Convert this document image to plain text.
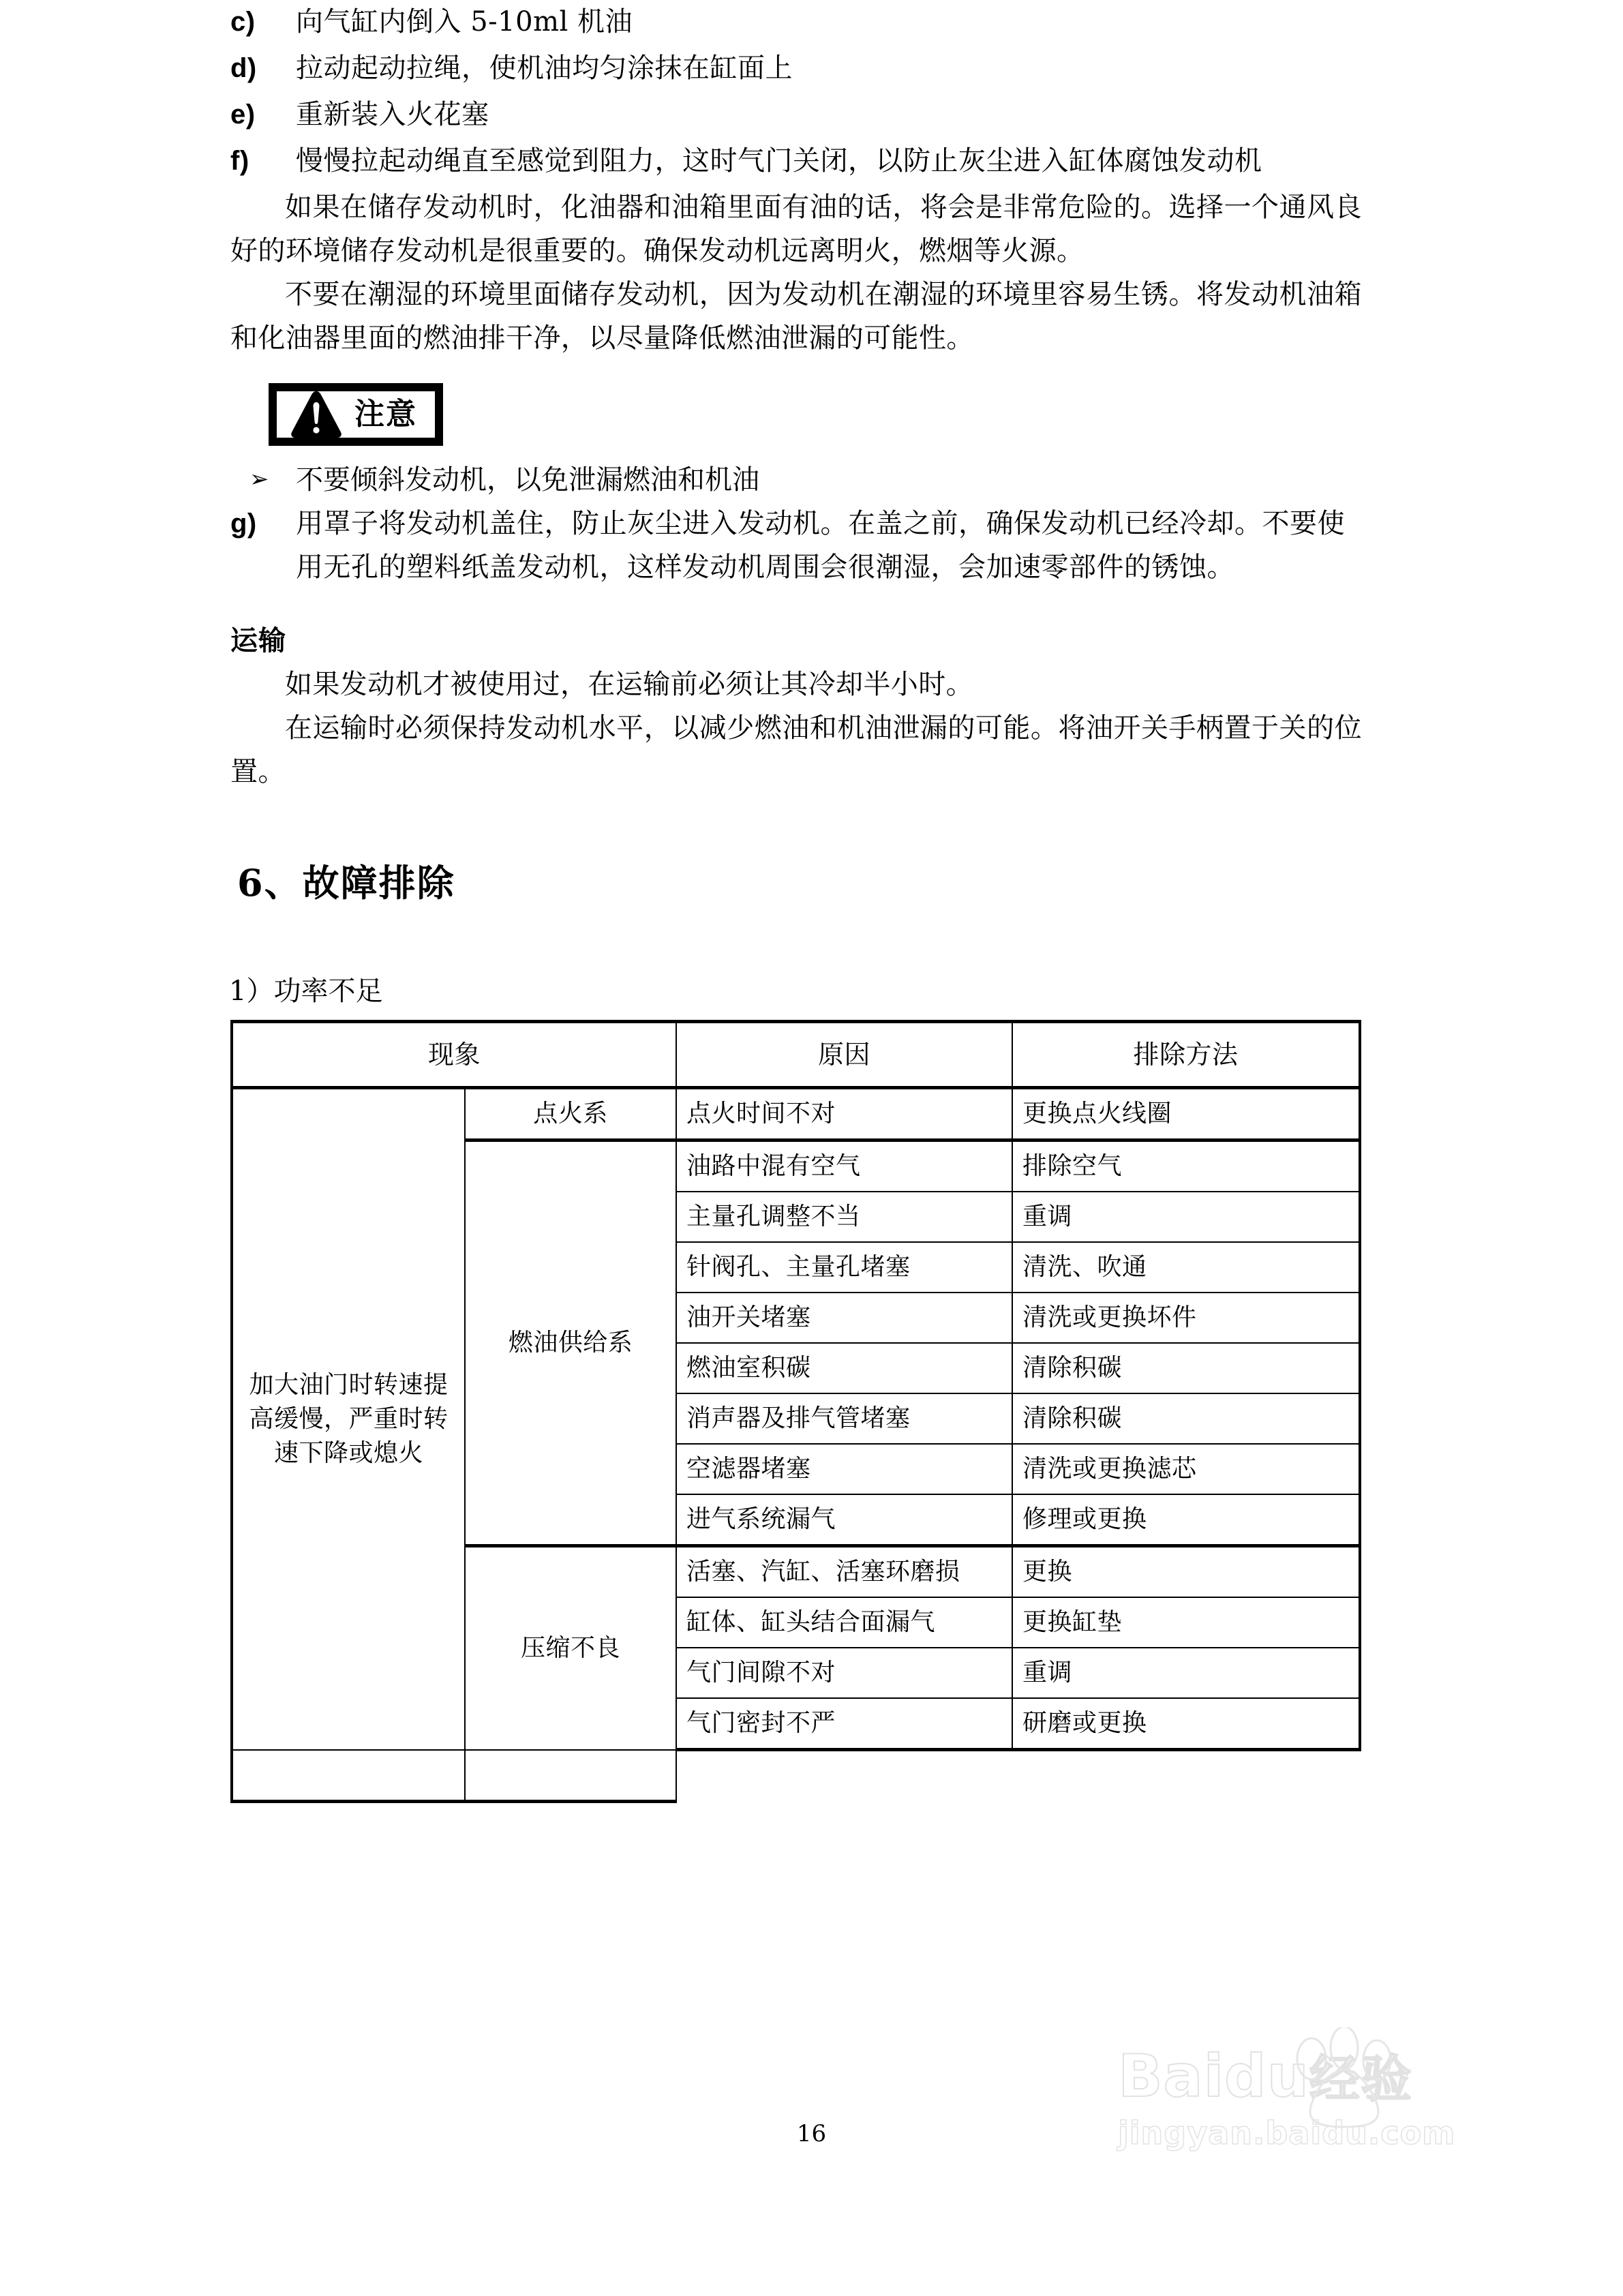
c) 向气缸内倒入 5-10ml 机油
d) 拉动起动拉绳，使机油均匀涂抹在缸面上
e) 重新装入火花塞
f) 慢慢拉起动绳直至感觉到阻力，这时气门关闭，以防止灰尘进入缸体腐蚀发动机

如果在储存发动机时，化油器和油箱里面有油的话，将会是非常危险的。选择一个通风良好的环境储存发动机是很重要的。确保发动机远离明火，燃烟等火源。

不要在潮湿的环境里面储存发动机，因为发动机在潮湿的环境里容易生锈。将发动机油箱和化油器里面的燃油排干净，以尽量降低燃油泄漏的可能性。

注意
➢ 不要倾斜发动机，以免泄漏燃油和机油
g) 用罩子将发动机盖住，防止灰尘进入发动机。在盖之前，确保发动机已经冷却。不要使用无孔的塑料纸盖发动机，这样发动机周围会很潮湿，会加速零部件的锈蚀。
运输

如果发动机才被使用过，在运输前必须让其冷却半小时。

在运输时必须保持发动机水平，以减少燃油和机油泄漏的可能。将油开关手柄置于关的位置。

6、故障排除
1）功率不足
现象		原因	排除方法
加大油门时转速提高缓慢，严重时转速下降或熄火	点火系	点火时间不对	更换点火线圈
	燃油供给系	油路中混有空气	排除空气
		主量孔调整不当	重调
		针阀孔、主量孔堵塞	清洗、吹通
		油开关堵塞	清洗或更换坏件
		燃油室积碳	清除积碳
		消声器及排气管堵塞	清除积碳
		空滤器堵塞	清洗或更换滤芯
		进气系统漏气	修理或更换
	压缩不良	活塞、汽缸、活塞环磨损	更换
		缸体、缸头结合面漏气	更换缸垫
		气门间隙不对	重调
		气门密封不严	研磨或更换

16
Baidu经验
jingyan.baidu.com
